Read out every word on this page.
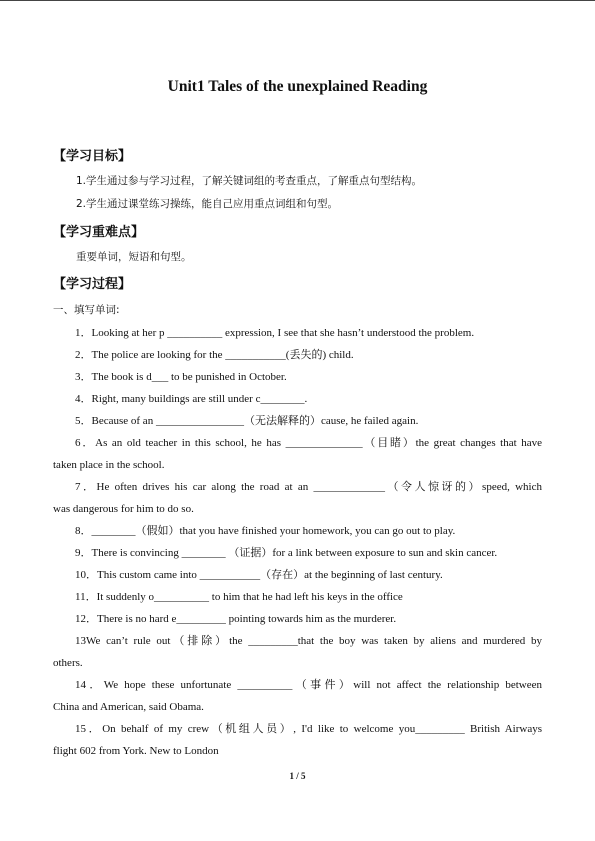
Unit1 Tales of the unexplained Reading
【学习目标】
1.学生通过参与学习过程，了解关键词组的考查重点，了解重点句型结构。
2.学生通过课堂练习操练，能自己应用重点词组和句型。
【学习重难点】
重要单词，短语和句型。
【学习过程】
一、填写单词:
1．Looking at her p __________ expression, I see that she hasn’t understood the problem.
2．The police are looking for the ___________(丢失的) child.
3．The book is d___ to be punished in October.
4．Right, many buildings are still under c________.
5．Because of an ________________（无法解释的）cause, he failed again.
6．As an old teacher in this school, he has ______________（目睹）the great changes that have
taken place in the school.
7．He often drives his car along the road at an _____________（令人惊讶的）speed, which
was dangerous for him to do so.
8．________（假如）that you have finished your homework, you can go out to play.
9．There is convincing ________ （证据）for a link between exposure to sun and skin cancer.
10．This custom came into ___________（存在）at the beginning of last century.
11．It suddenly o__________ to him that he had left his keys in the office
12．There is no hard e_________ pointing towards him as the murderer.
13We can’t rule out（排除）the _________that the boy was taken by aliens and murdered by
others.
14．We hope these unfortunate __________（事件）will not affect the relationship between
China and American, said Obama.
15．On behalf of my crew（机组人员）, I'd like to welcome you_________ British Airways
flight 602 from York. New to London
1 / 5
